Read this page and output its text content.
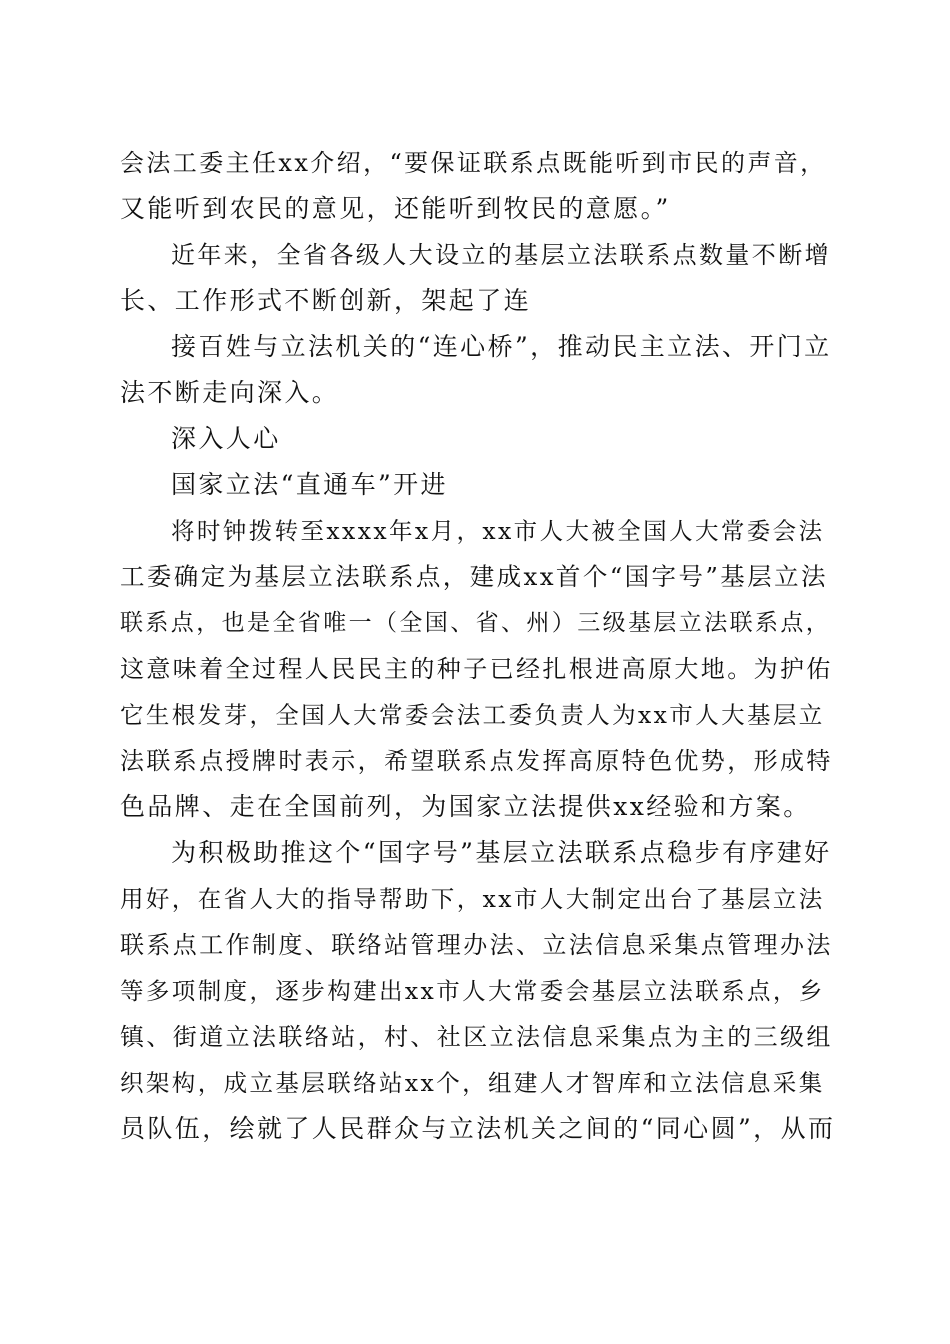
会法工委主任xx介绍，“要保证联系点既能听到市民的声音，
又能听到农民的意见，还能听到牧民的意愿。”
近年来，全省各级人大设立的基层立法联系点数量不断增
长、工作形式不断创新，架起了连
接百姓与立法机关的“连心桥”，推动民主立法、开门立
法不断走向深入。
深入人心
国家立法“直通车”开进
将时钟拨转至xxxx年x月，xx市人大被全国人大常委会法
工委确定为基层立法联系点，建成xx首个“国字号”基层立法
联系点，也是全省唯一（全国、省、州）三级基层立法联系点，
这意味着全过程人民民主的种子已经扎根进高原大地。为护佑
它生根发芽，全国人大常委会法工委负责人为xx市人大基层立
法联系点授牌时表示，希望联系点发挥高原特色优势，形成特
色品牌、走在全国前列，为国家立法提供xx经验和方案。
为积极助推这个“国字号”基层立法联系点稳步有序建好
用好，在省人大的指导帮助下，xx市人大制定出台了基层立法
联系点工作制度、联络站管理办法、立法信息采集点管理办法
等多项制度，逐步构建出xx市人大常委会基层立法联系点，乡
镇、街道立法联络站，村、社区立法信息采集点为主的三级组
织架构，成立基层联络站xx个，组建人才智库和立法信息采集
员队伍，绘就了人民群众与立法机关之间的“同心圆”，从而
